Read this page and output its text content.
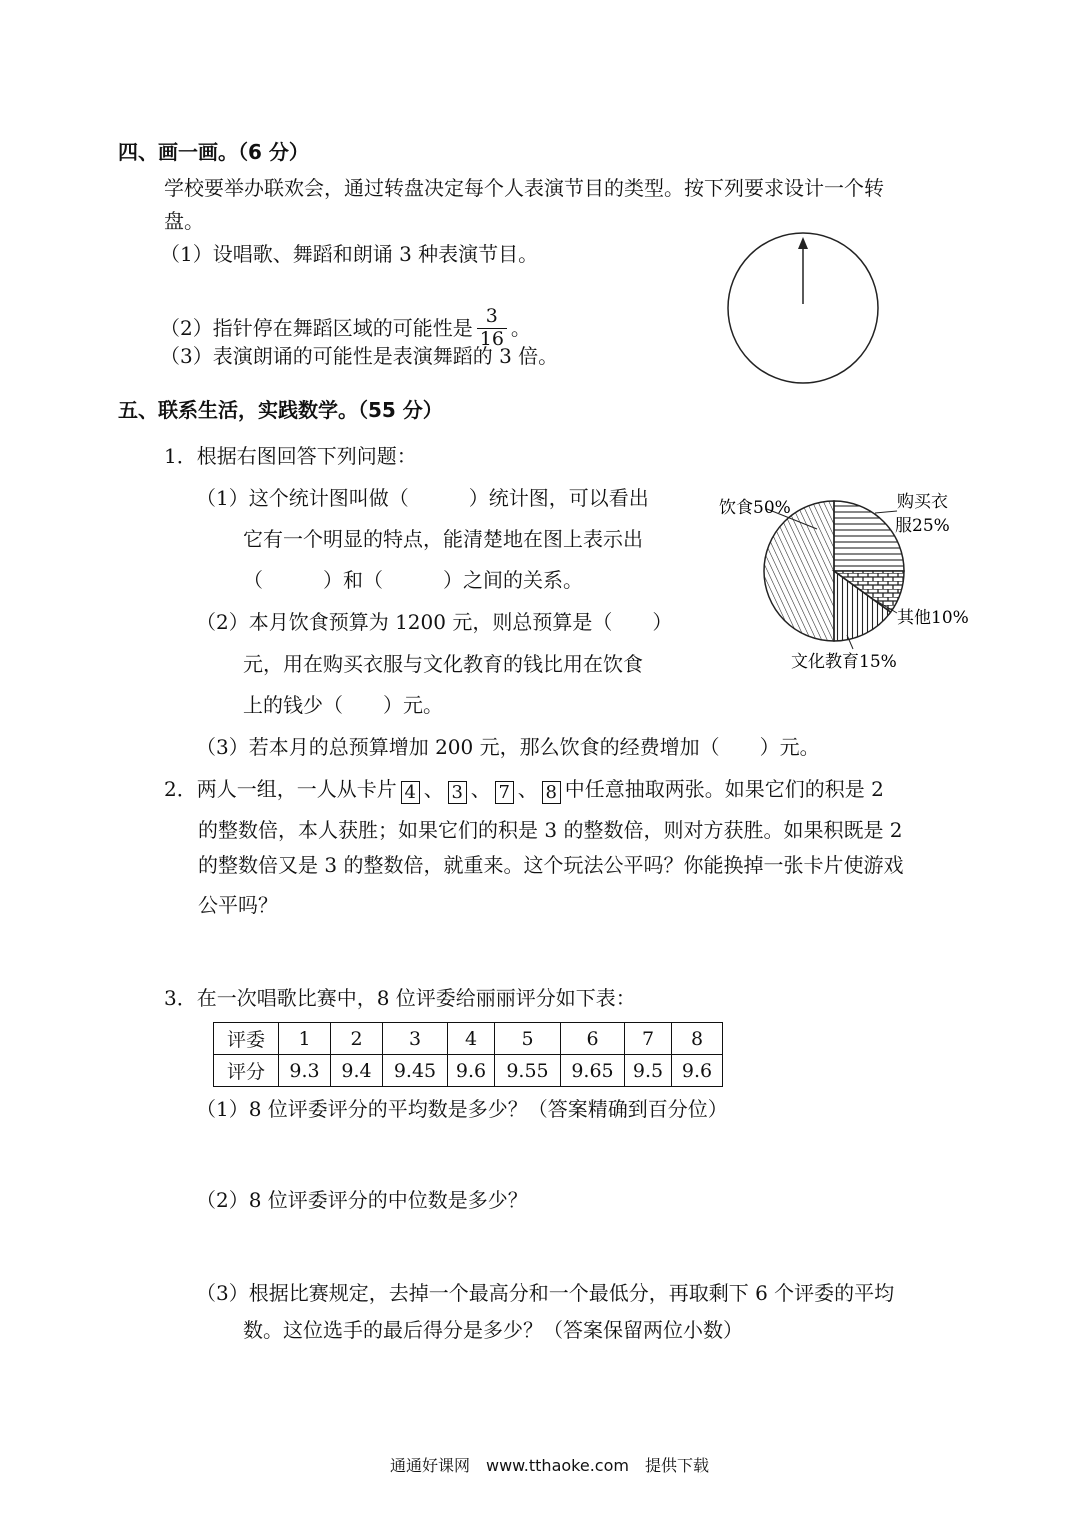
四、画一画。（6 分）
学校要举办联欢会，通过转盘决定每个人表演节目的类型。按下列要求设计一个转
盘。
（1）设唱歌、舞蹈和朗诵 3 种表演节目。
（2）指针停在舞蹈区域的可能性是 $\frac{3}{16}$ 。
（3）表演朗诵的可能性是表演舞蹈的 3 倍。
五、联系生活，实践数学。（55 分）
1．根据右图回答下列问题：
（1）这个统计图叫做（　　　）统计图，可以看出
它有一个明显的特点，能清楚地在图上表示出
（　　　）和（　　　）之间的关系。
（2）本月饮食预算为 1200 元，则总预算是（　　）
元，用在购买衣服与文化教育的钱比用在饮食
上的钱少（　　）元。
（3）若本月的总预算增加 200 元，那么饮食的经费增加（　　）元。
饮食50%	购买衣
服25%
其他10%
文化教育15%
2．两人一组，一人从卡片 4 、 3 、 7 、 8 中任意抽取两张。如果它们的积是 2
的整数倍，本人获胜；如果它们的积是 3 的整数倍，则对方获胜。如果积既是 2
的整数倍又是 3 的整数倍，就重来。这个玩法公平吗？你能换掉一张卡片使游戏
公平吗？
3．在一次唱歌比赛中，8 位评委给丽丽评分如下表：
评委	1	2	3	4	5	6	7	8
评分	9.3	9.4	9.45	9.6	9.55	9.65	9.5	9.6
（1）8 位评委评分的平均数是多少？（答案精确到百分位）
（2）8 位评委评分的中位数是多少？
（3）根据比赛规定，去掉一个最高分和一个最低分，再取剩下 6 个评委的平均
数。这位选手的最后得分是多少？（答案保留两位小数）
通通好课网　www.tthaoke.com　提供下载
